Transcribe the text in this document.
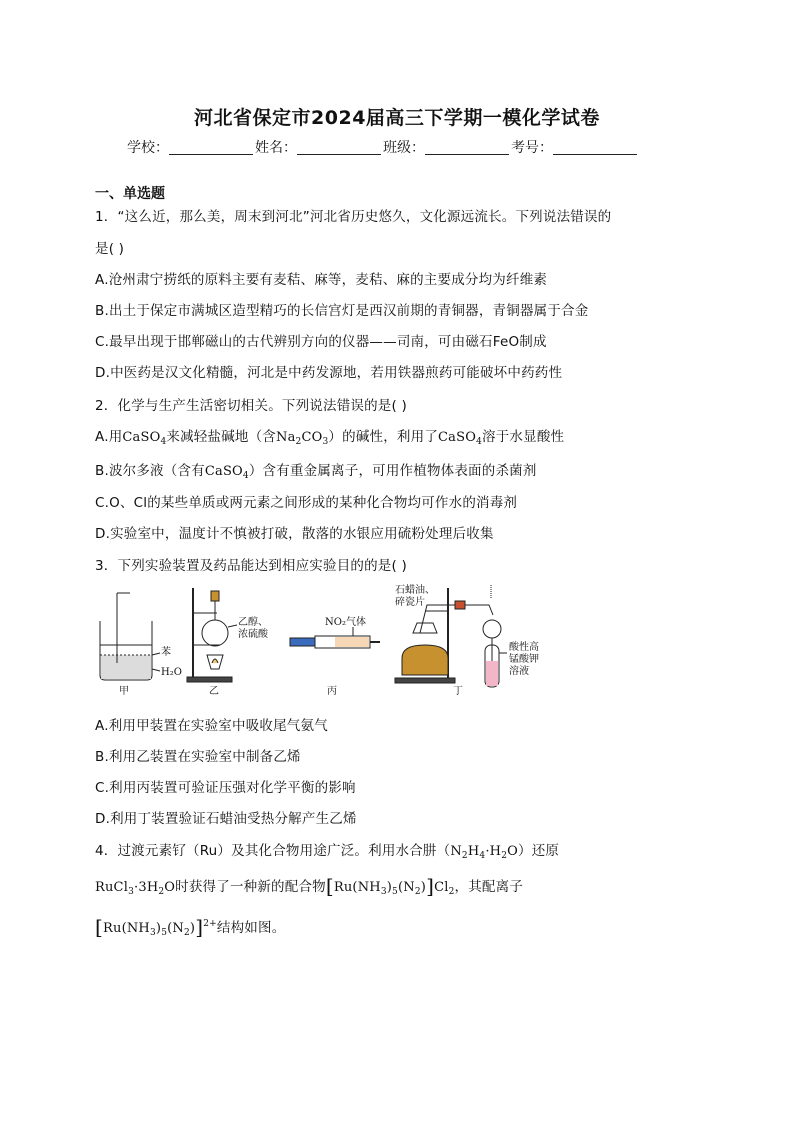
河北省保定市2024届高三下学期一模化学试卷
学校：	姓名：	班级：	考号：
一、单选题
1．“这么近，那么美，周末到河北”河北省历史悠久，文化源远流长。下列说法错误的
是( )
A.沧州肃宁捞纸的原料主要有麦秸、麻等，麦秸、麻的主要成分均为纤维素
B.出土于保定市满城区造型精巧的长信宫灯是西汉前期的青铜器，青铜器属于合金
C.最早出现于邯郸磁山的古代辨别方向的仪器——司南，可由磁石FeO制成
D.中医药是汉文化精髓，河北是中药发源地，若用铁器煎药可能破坏中药药性
2．化学与生产生活密切相关。下列说法错误的是( )
A.用CaSO$_4$来减轻盐碱地（含$Na_2CO_3$）的碱性，利用了CaSO$_4$溶于水显酸性
B.波尔多液（含有CaSO$_4$）含有重金属离子，可用作植物体表面的杀菌剂
C.O、Cl的某些单质或两元素之间形成的某种化合物均可作水的消毒剂
D.实验室中，温度计不慎被打破，散落的水银应用硫粉处理后收集
3．下列实验装置及药品能达到相应实验目的的是( )
苯
H₂O
甲
乙醇、
浓硫酸
乙
NO₂气体
丙
石蜡油、
碎瓷片
酸性高
锰酸钾
溶液
丁
A.利用甲装置在实验室中吸收尾气氨气
B.利用乙装置在实验室中制备乙烯
C.利用丙装置可验证压强对化学平衡的影响
D.利用丁装置验证石蜡油受热分解产生乙烯
4．过渡元素钌（Ru）及其化合物用途广泛。利用水合肼$(N_2H_4\cdot H_2O)$还原
$RuCl_3\cdot 3H_2O$时获得了一种新的配合物$[Ru(NH_3)_5(N_2)]Cl_2$，其配离子
$[Ru(NH_3)_5(N_2)]^{2+}$结构如图。
